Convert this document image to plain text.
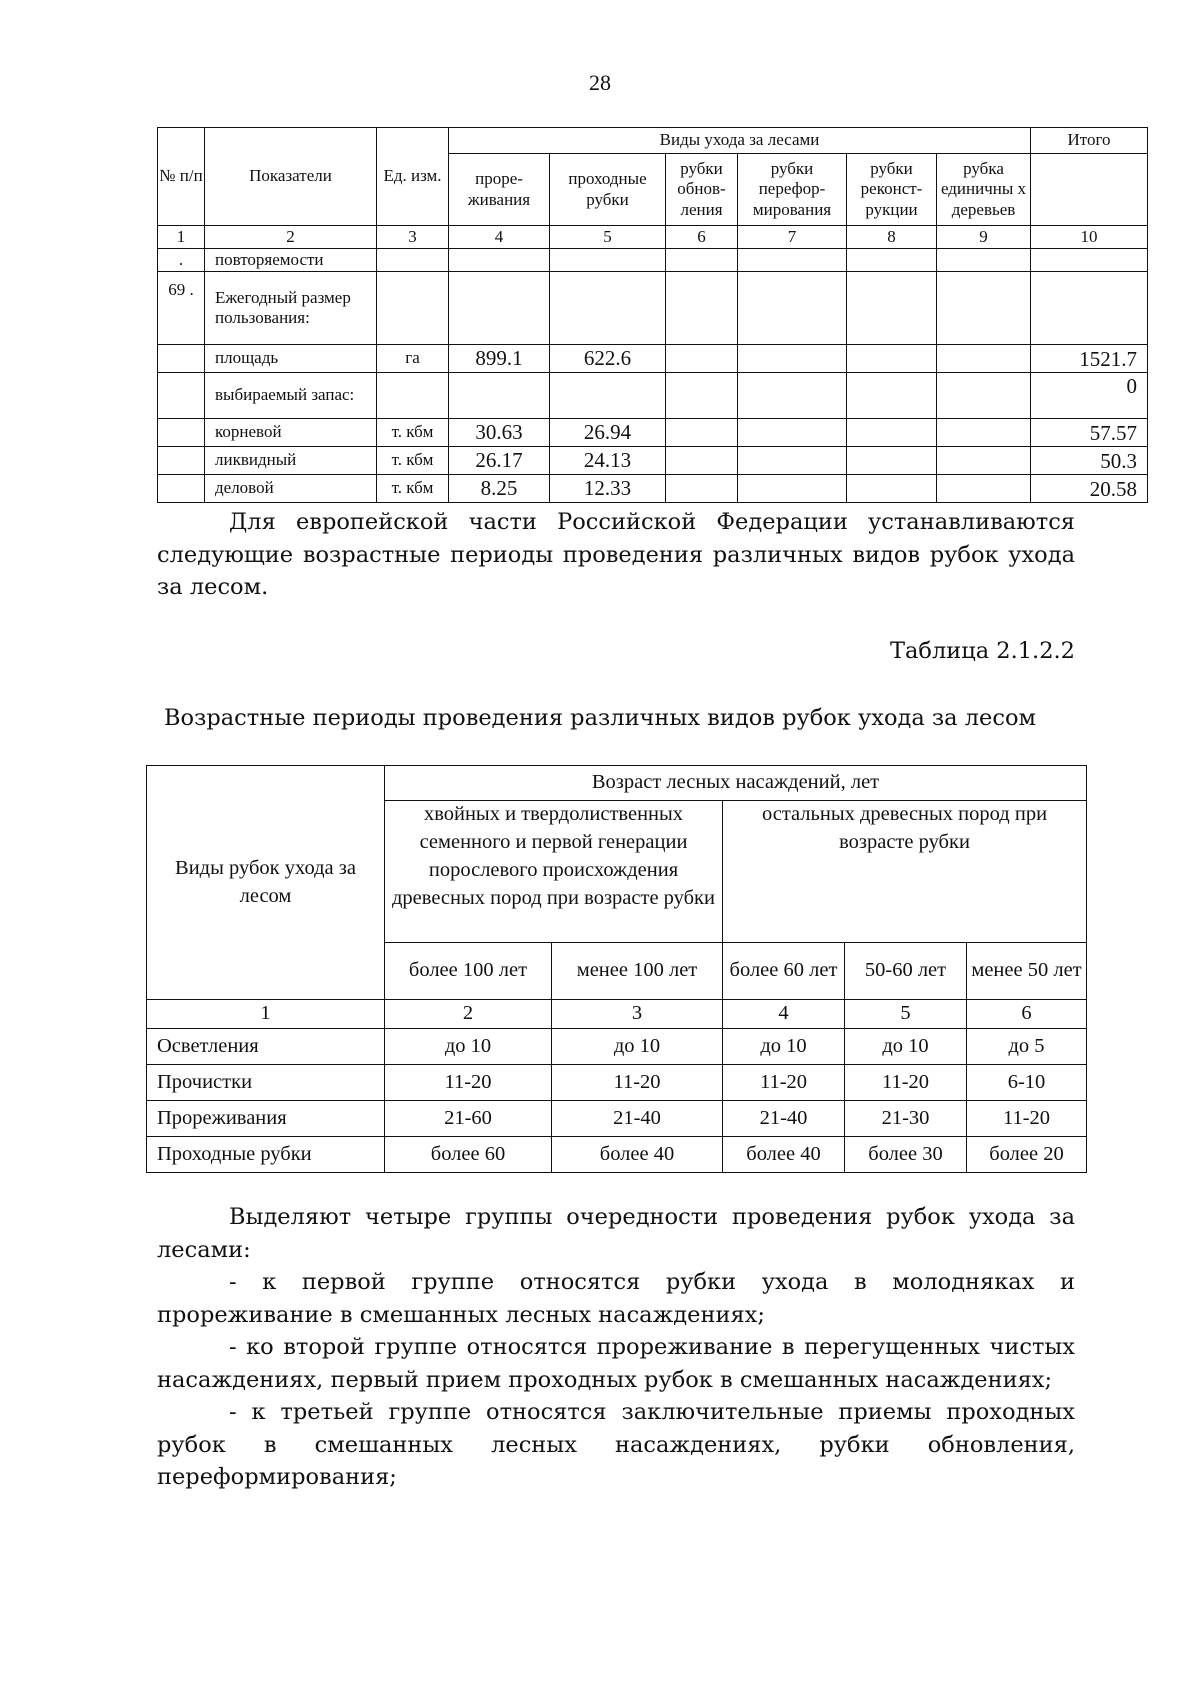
28
№ п/п	Показатели	Ед. изм.	Виды ухода за лесами						Итого
			проре-живания	проходные рубки	рубки обнов-ления	рубки перефор-мирования	рубки реконст-рукции	рубка единичны х деревьев	
1	2	3	4	5	6	7	8	9	10
.	повторяемости								
69 .	Ежегодный размер пользования:								
	площадь	га	899.1	622.6					1521.7
	выбираемый запас:								0
	корневой	т. кбм	30.63	26.94					57.57
	ликвидный	т. кбм	26.17	24.13					50.3
	деловой	т. кбм	8.25	12.33					20.58
Для европейской части Российской Федерации устанавливаются следующие возрастные периоды проведения различных видов рубок ухода за лесом.
Таблица 2.1.2.2
Возрастные периоды проведения различных видов рубок ухода за лесом
Виды рубок ухода за лесом	Возраст лесных насаждений, лет				
	хвойных и твердолиственных семенного и первой генерации порослевого происхождения древесных пород при возрасте рубки		остальных древесных пород при возрасте рубки		
	более 100 лет	менее 100 лет	более 60 лет	50-60 лет	менее 50 лет
1	2	3	4	5	6
Осветления	до 10	до 10	до 10	до 10	до 5
Прочистки	11-20	11-20	11-20	11-20	6-10
Прореживания	21-60	21-40	21-40	21-30	11-20
Проходные рубки	более 60	более 40	более 40	более 30	более 20

Выделяют четыре группы очередности проведения рубок ухода за лесами:

- к первой группе относятся рубки ухода в молодняках и прореживание в смешанных лесных насаждениях;

- ко второй группе относятся прореживание в перегущенных чистых насаждениях, первый прием проходных рубок в смешанных насаждениях;

- к третьей группе относятся заключительные приемы проходных рубок в смешанных лесных насаждениях, рубки обновления, переформирования;
